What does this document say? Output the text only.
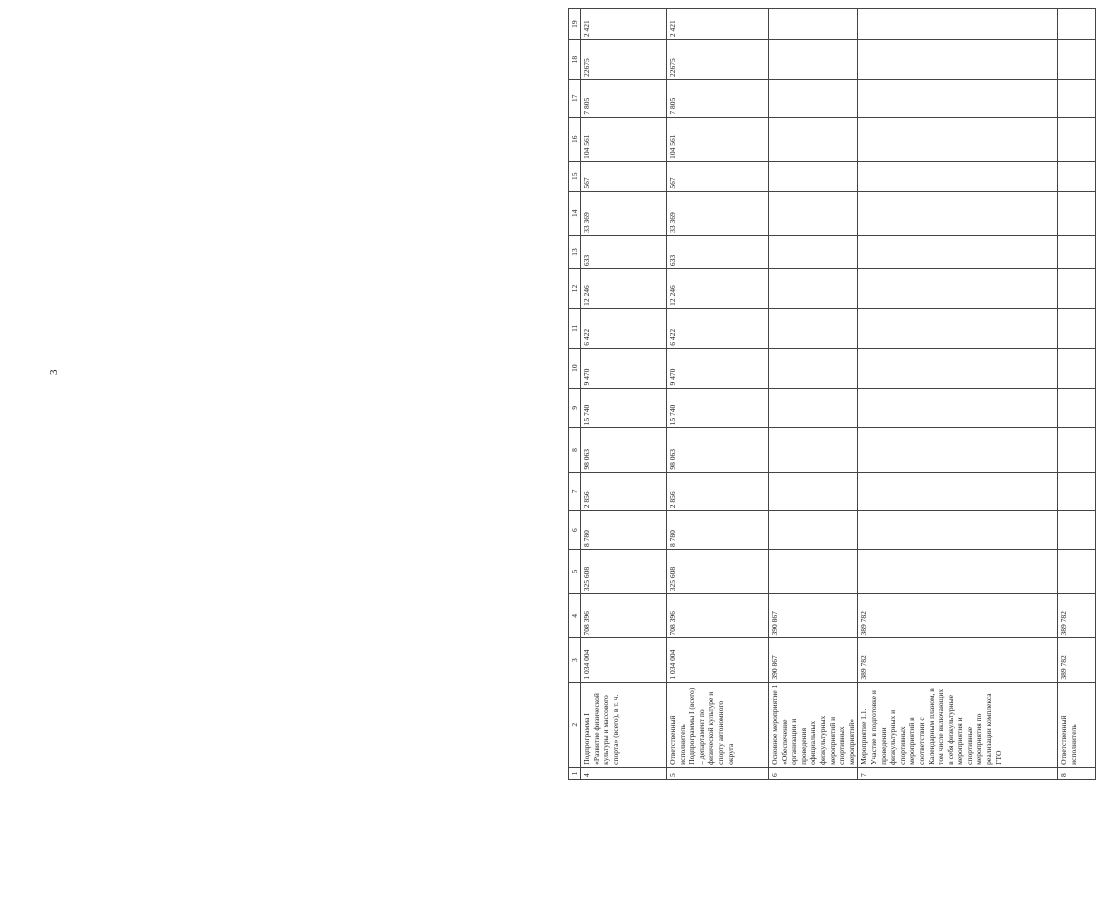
3
1	2	3	4	5	6	7	8	9	10	11	12	13	14	15	16	17	18	19
4	Подпрограмма I «Развитие физической культуры и массового спорта» (всего), в т. ч.	1 034 004	708 396	325 608	8 780	2 856	98 063	15 740	9 470	6 422	12 246	633	33 369	567	104 561	7 805	22675	2 421
5	Ответственный исполнитель Подпрограммы I (всего) – департамент по физической культуре и спорту автономного округа	1 034 004	708 396	325 608	8 780	2 856	98 063	15 740	9 470	6 422	12 246	633	33 369	567	104 561	7 805	22675	2 421
6	Основное мероприятие 1 «Обеспечение организации и проведения официальных физкультурных мероприятий и спортивных мероприятий»	390 867	390 867															
7	Мероприятие 1.1. Участие в подготовке и проведении физкультурных и спортивных мероприятий в соответствии с Календарным планом, в том числе включающих в себя физкультурные мероприятия и спортивные мероприятия по реализации комплекса ГТО	389 782	389 782															
8	Ответственный исполнитель	389 782	389 782															
